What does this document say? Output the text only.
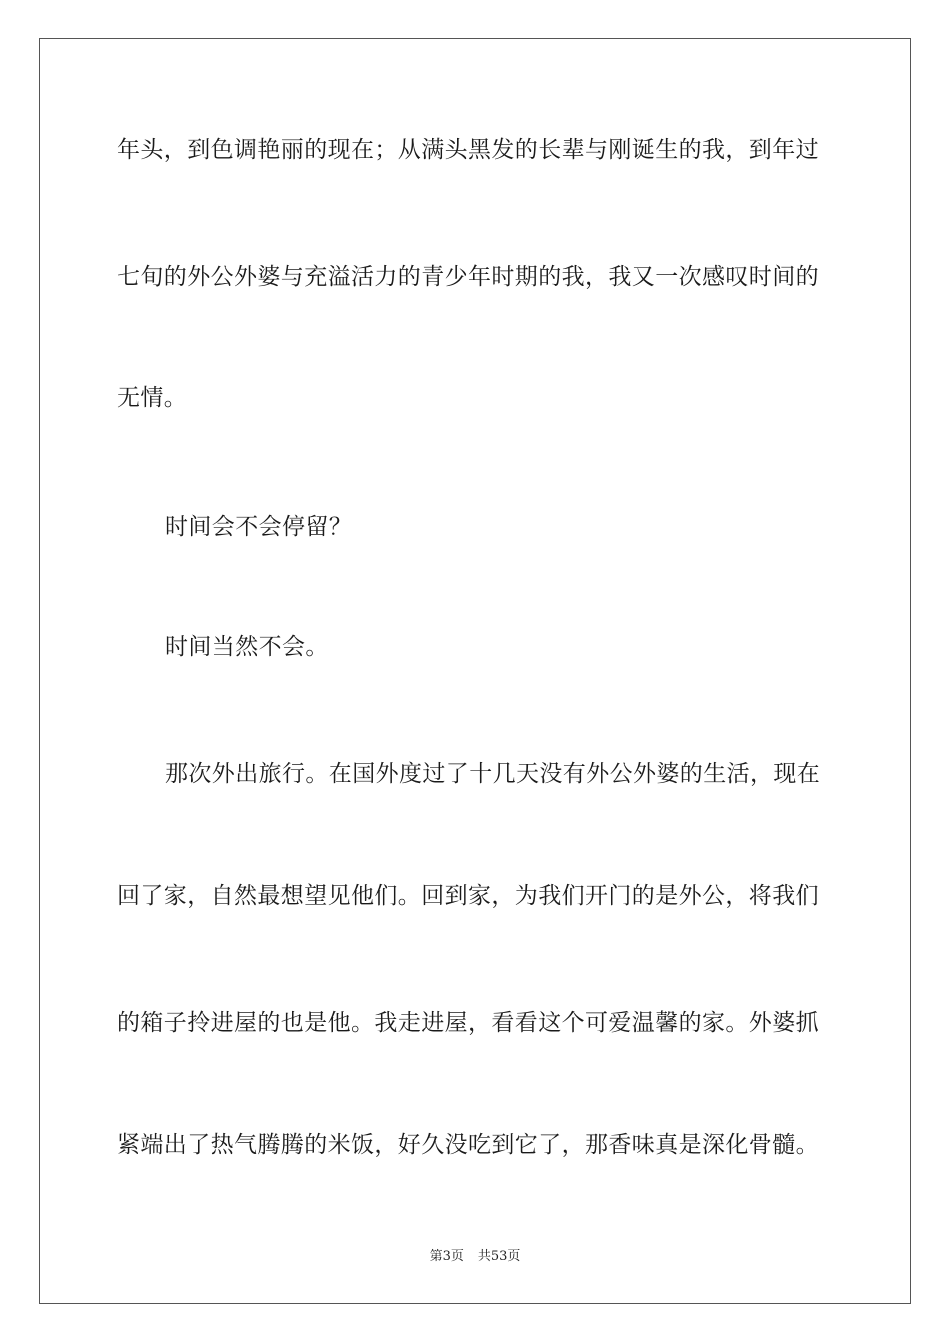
年头，到色调艳丽的现在；从满头黑发的长辈与刚诞生的我，到年过
七旬的外公外婆与充溢活力的青少年时期的我，我又一次感叹时间的
无情。
时间会不会停留？
时间当然不会。
那次外出旅行。在国外度过了十几天没有外公外婆的生活，现在
回了家，自然最想望见他们。回到家，为我们开门的是外公，将我们
的箱子拎进屋的也是他。我走进屋，看看这个可爱温馨的家。外婆抓
紧端出了热气腾腾的米饭，好久没吃到它了，那香味真是深化骨髓。
第3页 共53页
